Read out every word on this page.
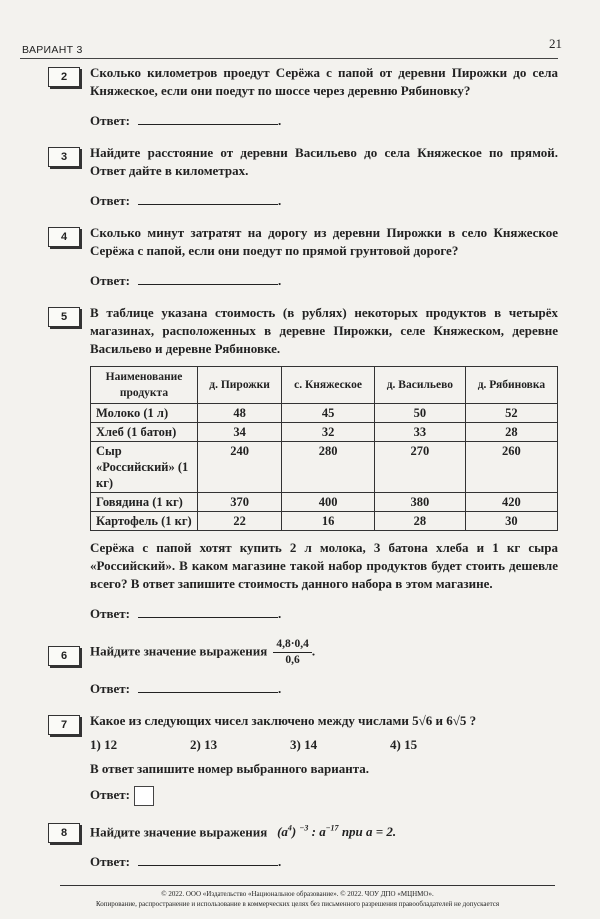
ВАРИАНТ 3	21
2	Сколько километров проедут Серёжа с папой от деревни Пирожки до села Княжеское, если они поедут по шоссе через деревню Рябиновку?
Ответ:	.
3	Найдите расстояние от деревни Васильево до села Княжеское по прямой. Ответ дайте в километрах.
Ответ:	.
4	Сколько минут затратят на дорогу из деревни Пирожки в село Княжеское Серёжа с папой, если они поедут по прямой грунтовой дороге?
Ответ:	.
5	В таблице указана стоимость (в рублях) некоторых продуктов в четырёх магазинах, расположенных в деревне Пирожки, селе Княжеском, деревне Васильево и деревне Рябиновке.
Наименование продукта	д. Пирожки	с. Княжеское	д. Васильево	д. Рябиновка
Молоко (1 л)	48	45	50	52
Хлеб (1 батон)	34	32	33	28
Сыр «Российский» (1 кг)	240	280	270	260
Говядина (1 кг)	370	400	380	420
Картофель (1 кг)	22	16	28	30
Серёжа с папой хотят купить 2 л молока, 3 батона хлеба и 1 кг сыра «Российский». В каком магазине такой набор продуктов будет стоить дешевле всего? В ответ запишите стоимость данного набора в этом магазине.
Ответ:	.
6	Найдите значение выражения $\frac{4,8\cdot 0,4}{0,6}$ .
Ответ:	.
7	Какое из следующих чисел заключено между числами 5√6 и 6√5 ?
1) 12	2) 13	3) 14	4) 15
В ответ запишите номер выбранного варианта.
Ответ:
8	Найдите значение выражения $(a^4)$ $^{-3}$ : $a^{-17}$ при a = 2.
Ответ:	.
© 2022. ООО «Издательство «Национальное образование». © 2022. ЧОУ ДПО «МЦНМО».
Копирование, распространение и использование в коммерческих целях без письменного разрешения правообладателей не допускается
